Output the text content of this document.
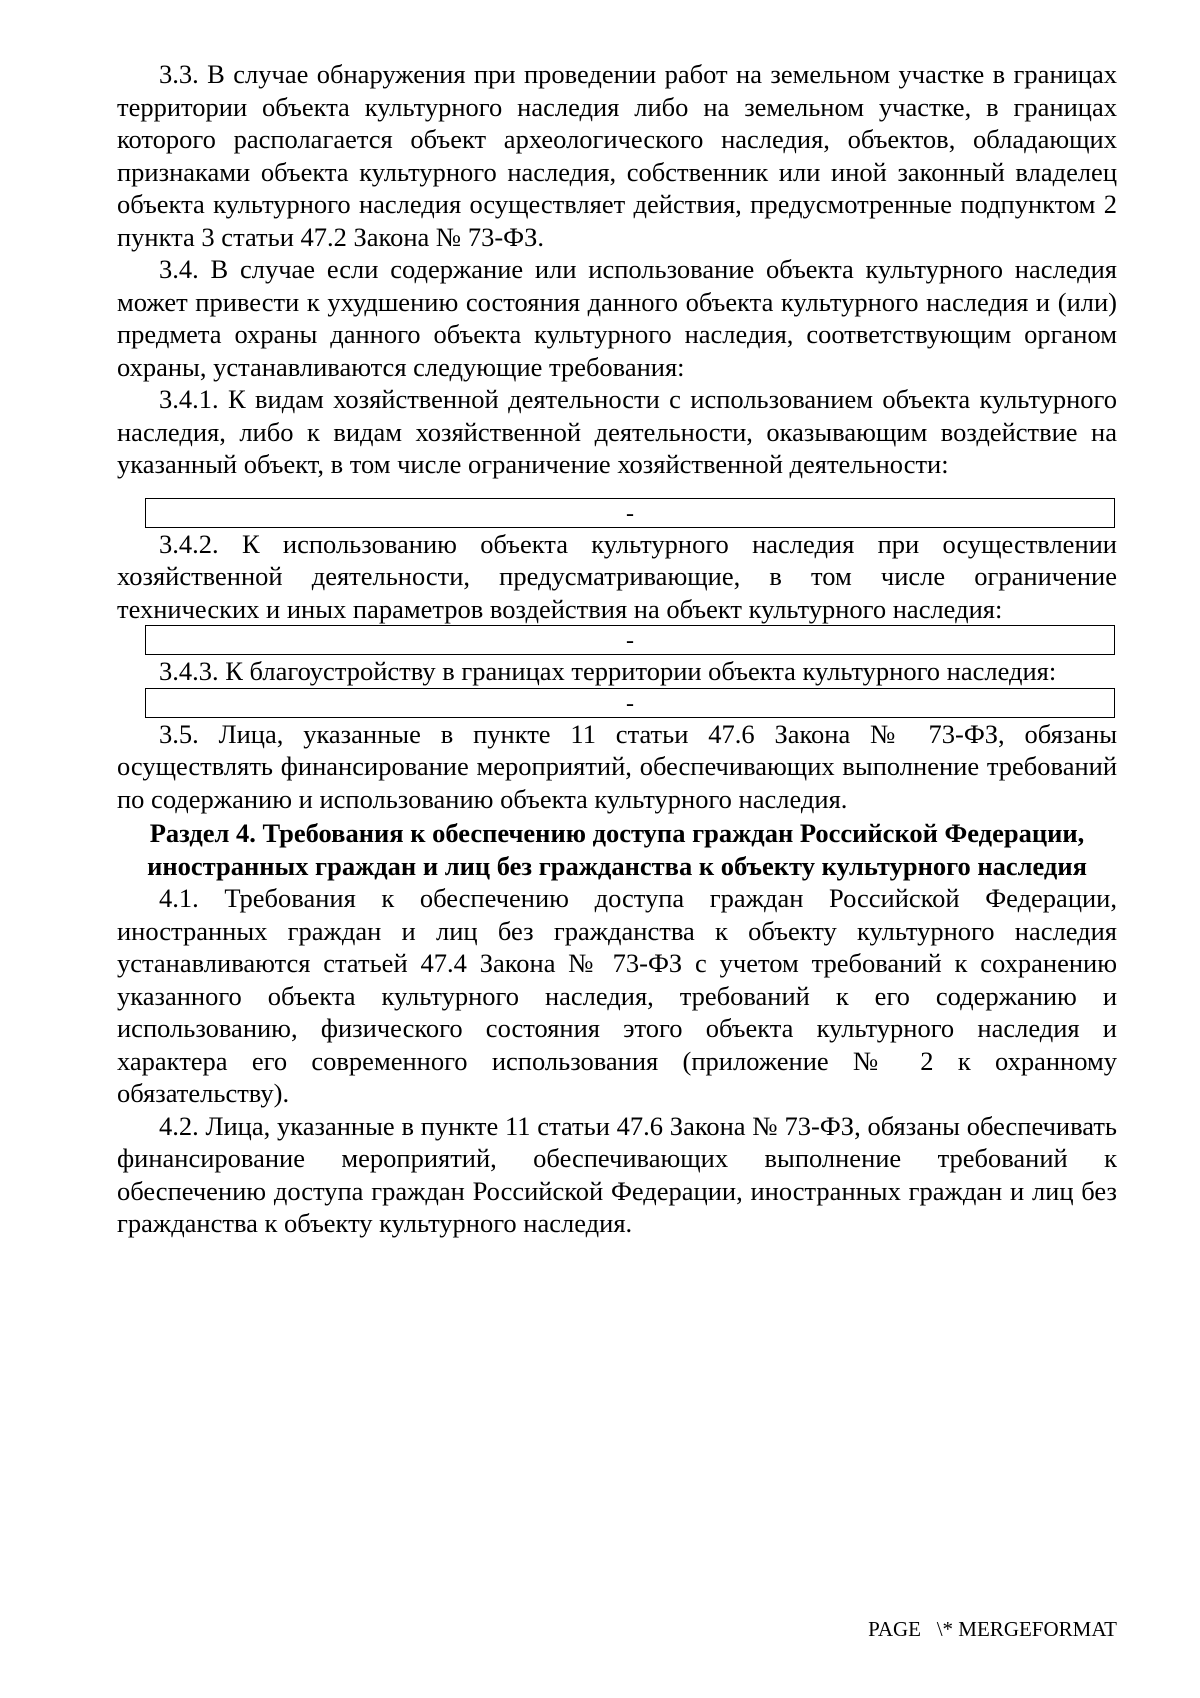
3.3. В случае обнаружения при проведении работ на земельном участке в границах территории объекта культурного наследия либо на земельном участке, в границах которого располагается объект археологического наследия, объектов, обладающих признаками объекта культурного наследия, собственник или иной законный владелец объекта культурного наследия осуществляет действия, предусмотренные подпунктом 2 пункта 3 статьи 47.2 Закона № 73-ФЗ.

3.4. В случае если содержание или использование объекта культурного наследия может привести к ухудшению состояния данного объекта культурного наследия и (или) предмета охраны данного объекта культурного наследия, соответствующим органом охраны, устанавливаются следующие требования:

3.4.1. К видам хозяйственной деятельности с использованием объекта культурного наследия, либо к видам хозяйственной деятельности, оказывающим воздействие на указанный объект, в том числе ограничение хозяйственной деятельности:

-

3.4.2. К использованию объекта культурного наследия при осуществлении хозяйственной деятельности, предусматривающие, в том числе ограничение технических и иных параметров воздействия на объект культурного наследия:

-

3.4.3. К благоустройству в границах территории объекта культурного наследия:

-

3.5. Лица, указанные в пункте 11 статьи 47.6 Закона № 73-ФЗ, обязаны осуществлять финансирование мероприятий, обеспечивающих выполнение требований по содержанию и использованию объекта культурного наследия.

Раздел 4. Требования к обеспечению доступа граждан Российской Федерации, иностранных граждан и лиц без гражданства к объекту культурного наследия

4.1. Требования к обеспечению доступа граждан Российской Федерации, иностранных граждан и лиц без гражданства к объекту культурного наследия устанавливаются статьей 47.4 Закона № 73-ФЗ с учетом требований к сохранению указанного объекта культурного наследия, требований к его содержанию и использованию, физического состояния этого объекта культурного наследия и характера его современного использования (приложение № 2 к охранному обязательству).

4.2. Лица, указанные в пункте 11 статьи 47.6 Закона № 73-ФЗ, обязаны обеспечивать финансирование мероприятий, обеспечивающих выполнение требований к обеспечению доступа граждан Российской Федерации, иностранных граждан и лиц без гражданства к объекту культурного наследия.

PAGE   \* MERGEFORMAT
